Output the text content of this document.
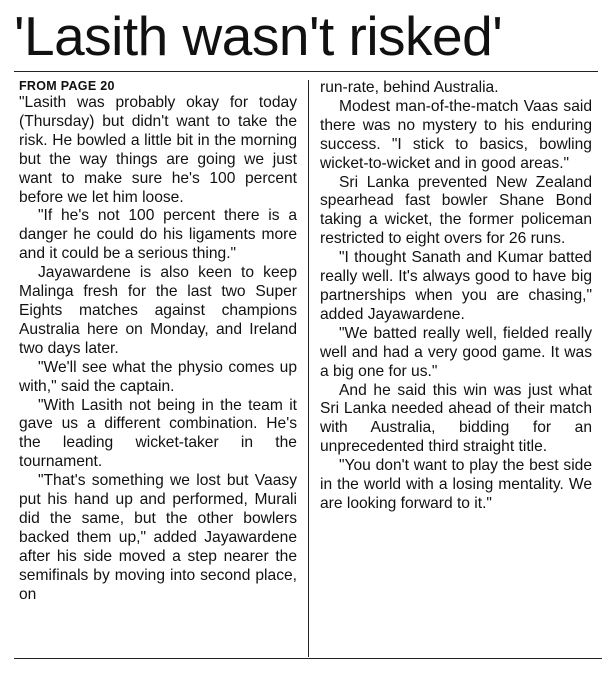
'Lasith wasn't risked'
FROM PAGE 20

"Lasith was probably okay for today (Thursday) but didn't want to take the risk. He bowled a little bit in the morning but the way things are going we just want to make sure he's 100 percent before we let him loose.

"If he's not 100 percent there is a danger he could do his ligaments more and it could be a serious thing."

Jayawardene is also keen to keep Malinga fresh for the last two Super Eights matches against champions Australia here on Monday, and Ireland two days later.

"We'll see what the physio comes up with," said the captain.

"With Lasith not being in the team it gave us a different combination. He's the leading wicket-taker in the tournament.

"That's something we lost but Vaasy put his hand up and performed, Murali did the same, but the other bowlers backed them up," added Jayawardene after his side moved a step nearer the semifinals by moving into second place, on

run-rate, behind Australia.

Modest man-of-the-match Vaas said there was no mystery to his enduring success. "I stick to basics, bowling wicket-to-wicket and in good areas."

Sri Lanka prevented New Zealand spearhead fast bowler Shane Bond taking a wicket, the former policeman restricted to eight overs for 26 runs.

"I thought Sanath and Kumar batted really well. It's always good to have big partnerships when you are chasing," added Jayawardene.

"We batted really well, fielded really well and had a very good game. It was a big one for us."

And he said this win was just what Sri Lanka needed ahead of their match with Australia, bidding for an unprecedented third straight title.

"You don't want to play the best side in the world with a losing mentality. We are looking forward to it."
